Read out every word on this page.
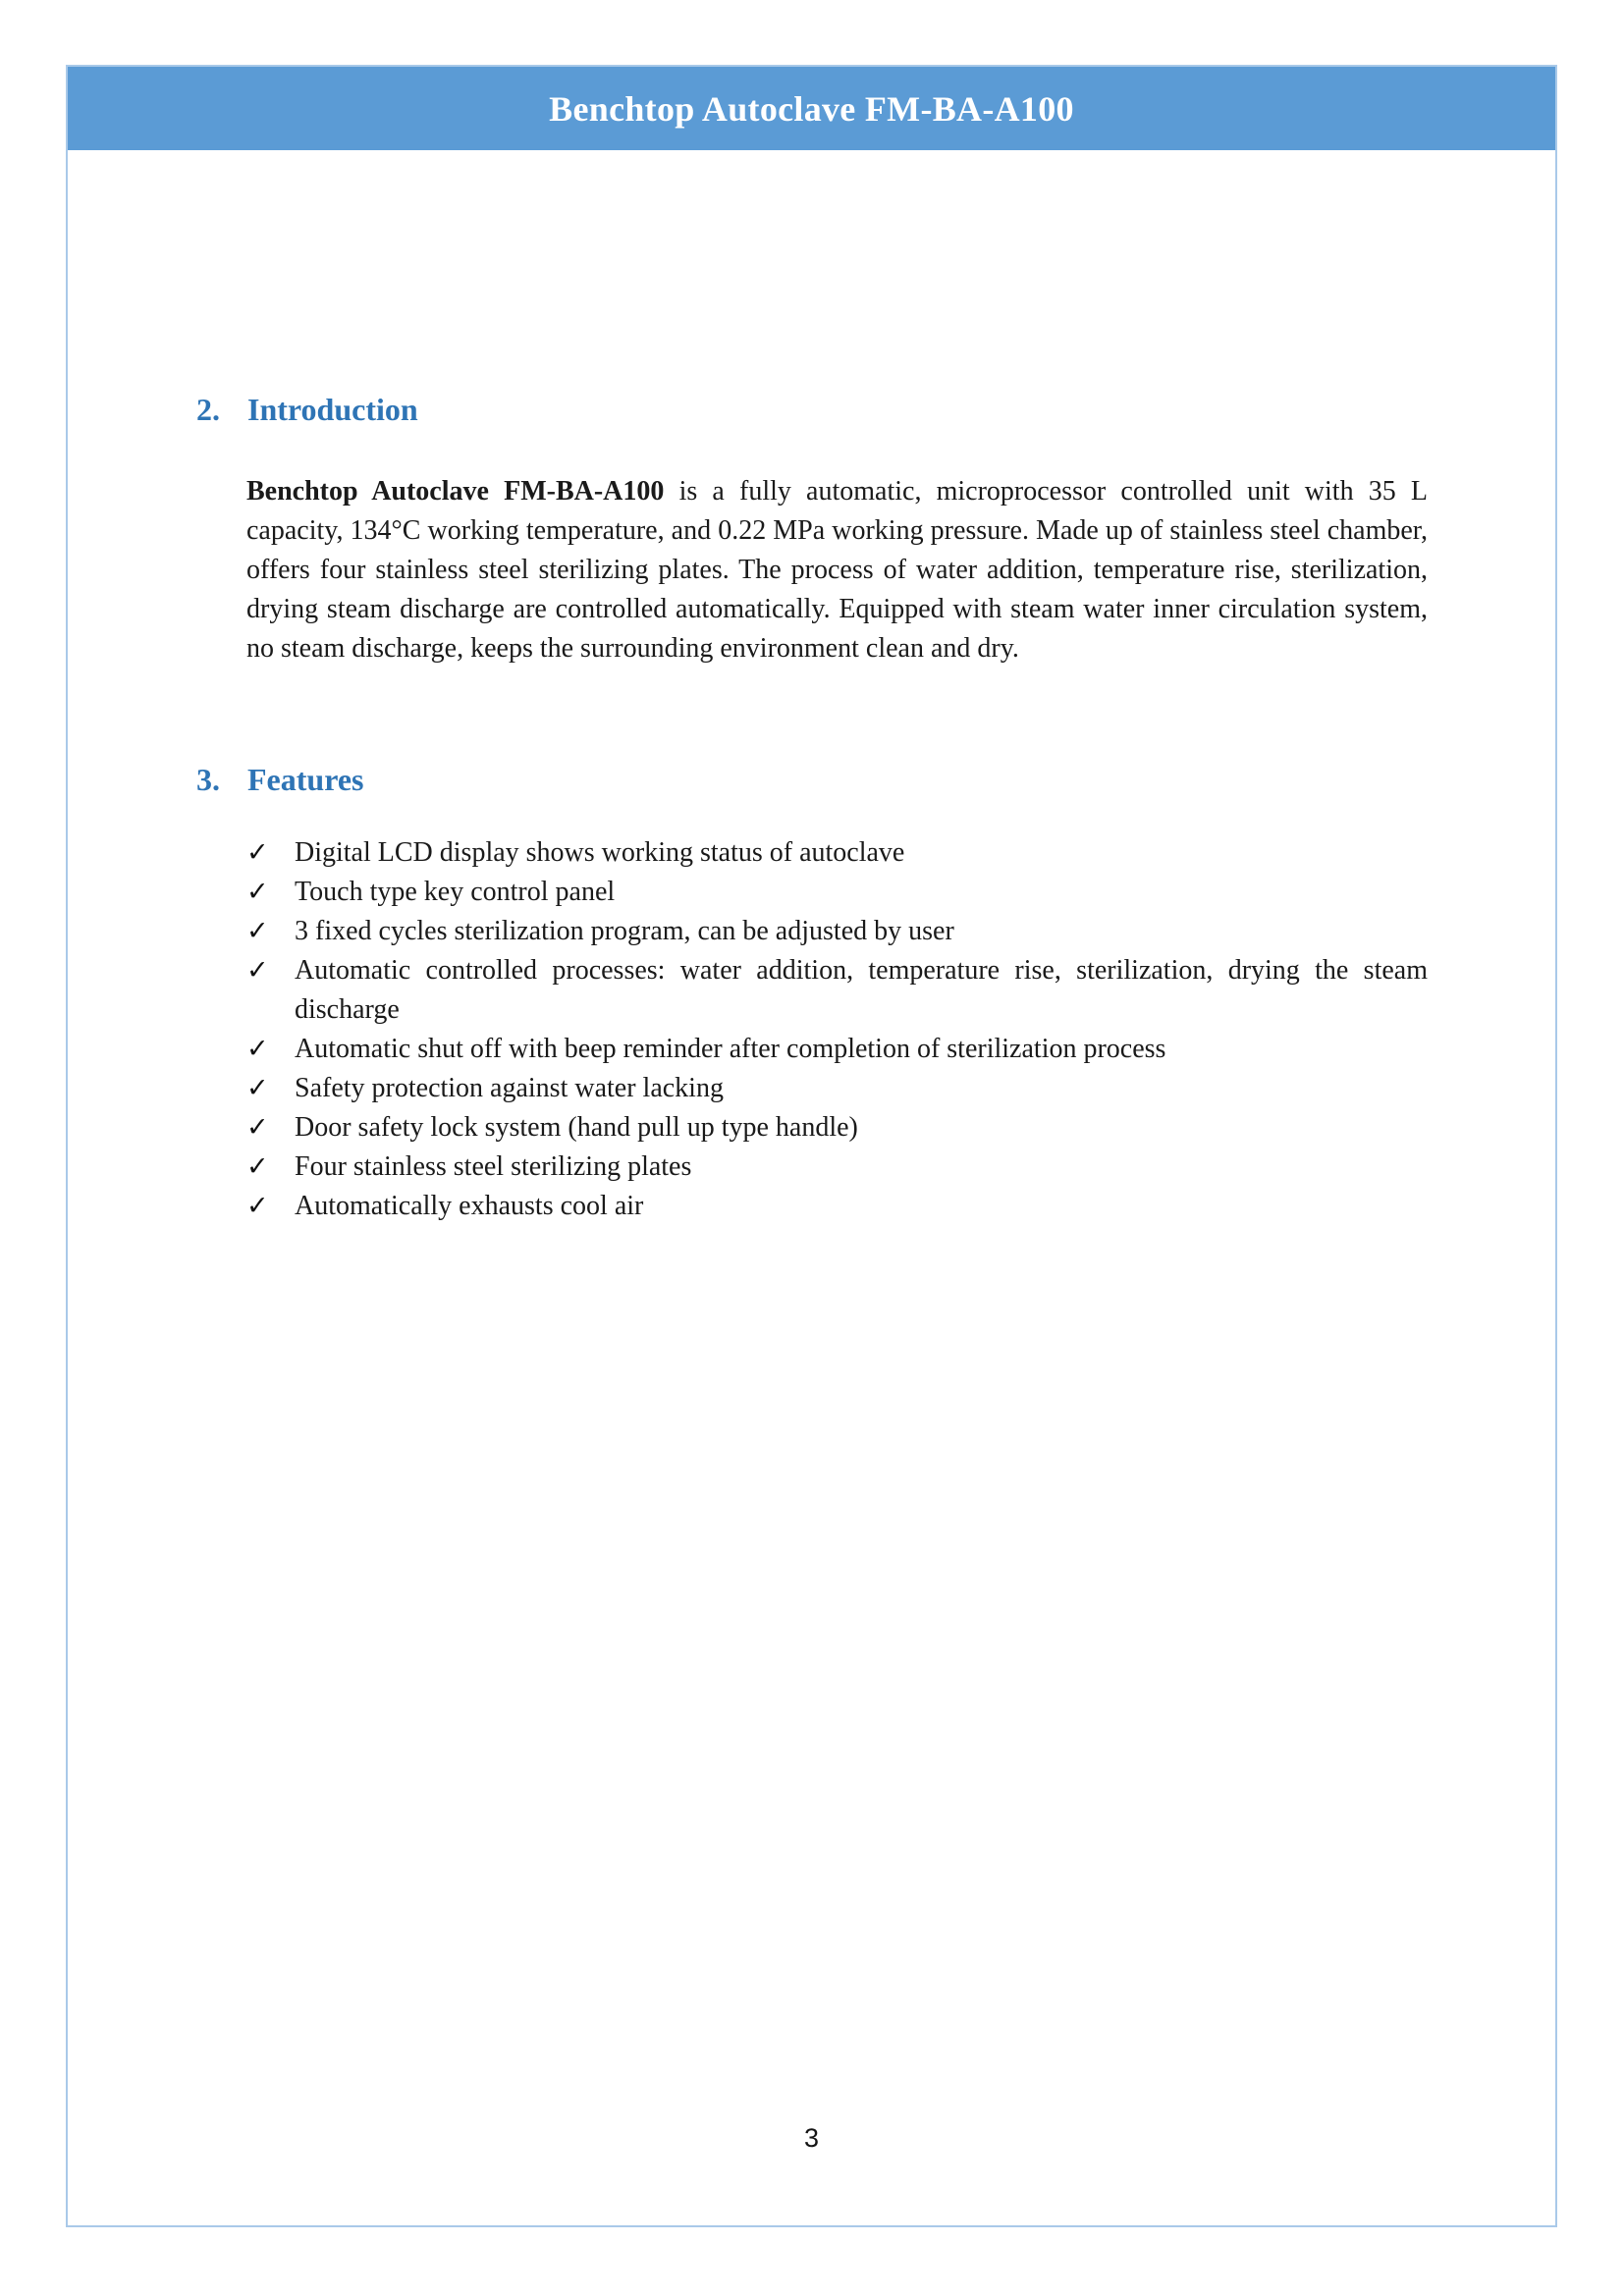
Benchtop Autoclave FM-BA-A100
2. Introduction

Benchtop Autoclave FM-BA-A100 is a fully automatic, microprocessor controlled unit with 35 L capacity, 134°C working temperature, and 0.22 MPa working pressure. Made up of stainless steel chamber, offers four stainless steel sterilizing plates. The process of water addition, temperature rise, sterilization, drying steam discharge are controlled automatically. Equipped with steam water inner circulation system, no steam discharge, keeps the surrounding environment clean and dry.

3. Features
✓ Digital LCD display shows working status of autoclave
✓ Touch type key control panel
✓ 3 fixed cycles sterilization program, can be adjusted by user
✓ Automatic controlled processes: water addition, temperature rise, sterilization, drying the steam discharge
✓ Automatic shut off with beep reminder after completion of sterilization process
✓ Safety protection against water lacking
✓ Door safety lock system (hand pull up type handle)
✓ Four stainless steel sterilizing plates
✓ Automatically exhausts cool air
3
